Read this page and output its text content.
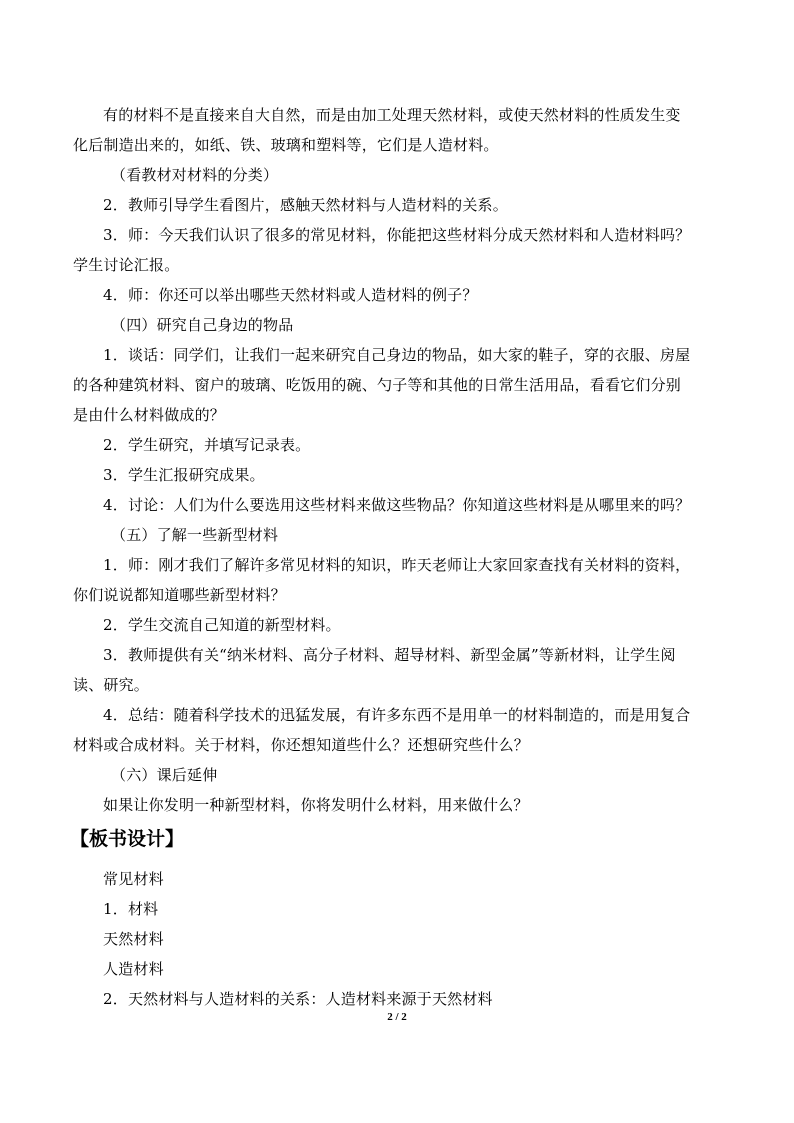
有的材料不是直接来自大自然，而是由加工处理天然材料，或使天然材料的性质发生变
化后制造出来的，如纸、铁、玻璃和塑料等，它们是人造材料。
（看教材对材料的分类）
2．教师引导学生看图片，感触天然材料与人造材料的关系。
3．师：今天我们认识了很多的常见材料，你能把这些材料分成天然材料和人造材料吗？
学生讨论汇报。
4．师：你还可以举出哪些天然材料或人造材料的例子？
（四）研究自己身边的物品
1．谈话：同学们，让我们一起来研究自己身边的物品，如大家的鞋子，穿的衣服、房屋
的各种建筑材料、窗户的玻璃、吃饭用的碗、勺子等和其他的日常生活用品，看看它们分别
是由什么材料做成的？
2．学生研究，并填写记录表。
3．学生汇报研究成果。
4．讨论：人们为什么要选用这些材料来做这些物品？你知道这些材料是从哪里来的吗？
（五）了解一些新型材料
1．师：刚才我们了解许多常见材料的知识，昨天老师让大家回家查找有关材料的资料，
你们说说都知道哪些新型材料？
2．学生交流自己知道的新型材料。
3．教师提供有关“纳米材料、高分子材料、超导材料、新型金属”等新材料，让学生阅
读、研究。
4．总结：随着科学技术的迅猛发展，有许多东西不是用单一的材料制造的，而是用复合
材料或合成材料。关于材料，你还想知道些什么？还想研究些什么？
（六）课后延伸
如果让你发明一种新型材料，你将发明什么材料，用来做什么？
【板书设计】
常见材料
1．材料
天然材料
人造材料
2．天然材料与人造材料的关系：人造材料来源于天然材料
2 / 2
